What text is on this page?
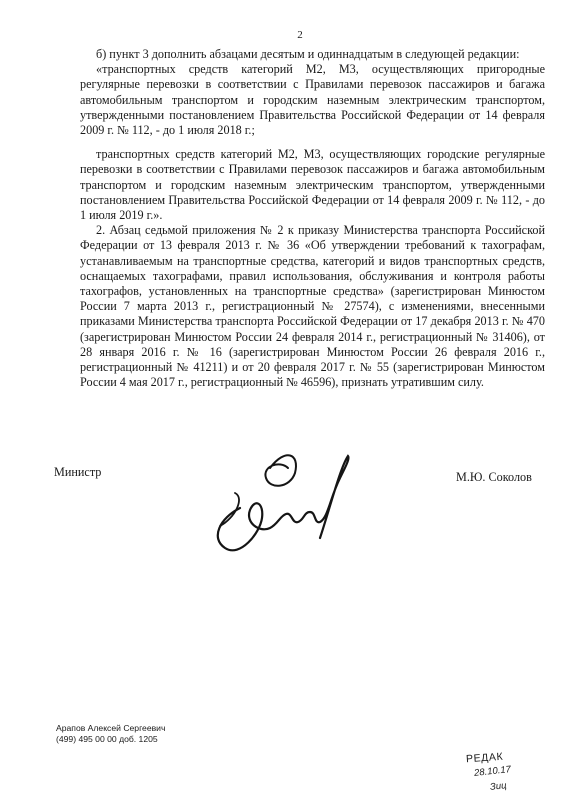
2

б) пункт 3 дополнить абзацами десятым и одиннадцатым в следующей редакции:

«транспортных средств категорий М2, М3, осуществляющих пригородные регулярные перевозки в соответствии с Правилами перевозок пассажиров и багажа автомобильным транспортом и городским наземным электрическим транспортом, утвержденными постановлением Правительства Российской Федерации от 14 февраля 2009 г. № 112, - до 1 июля 2018 г.;

транспортных средств категорий М2, М3, осуществляющих городские регулярные перевозки в соответствии с Правилами перевозок пассажиров и багажа автомобильным транспортом и городским наземным электрическим транспортом, утвержденными постановлением Правительства Российской Федерации от 14 февраля 2009 г. № 112, - до 1 июля 2019 г.».

2. Абзац седьмой приложения № 2 к приказу Министерства транспорта Российской Федерации от 13 февраля 2013 г. № 36 «Об утверждении требований к тахографам, устанавливаемым на транспортные средства, категорий и видов транспортных средств, оснащаемых тахографами, правил использования, обслуживания и контроля работы тахографов, установленных на транспортные средства» (зарегистрирован Минюстом России 7 марта 2013 г., регистрационный № 27574), с изменениями, внесенными приказами Министерства транспорта Российской Федерации от 17 декабря 2013 г. № 470 (зарегистрирован Минюстом России 24 февраля 2014 г., регистрационный № 31406), от 28 января 2016 г. № 16 (зарегистрирован Минюстом России 26 февраля 2016 г., регистрационный № 41211) и от 20 февраля 2017 г. № 55 (зарегистрирован Минюстом России 4 мая 2017 г., регистрационный № 46596), признать утратившим силу.

Министр	М.Ю. Соколов
Арапов Алексей Сергеевич
(499) 495 00 00 доб. 1205
РЕДАК
28.10.17
Зиц
